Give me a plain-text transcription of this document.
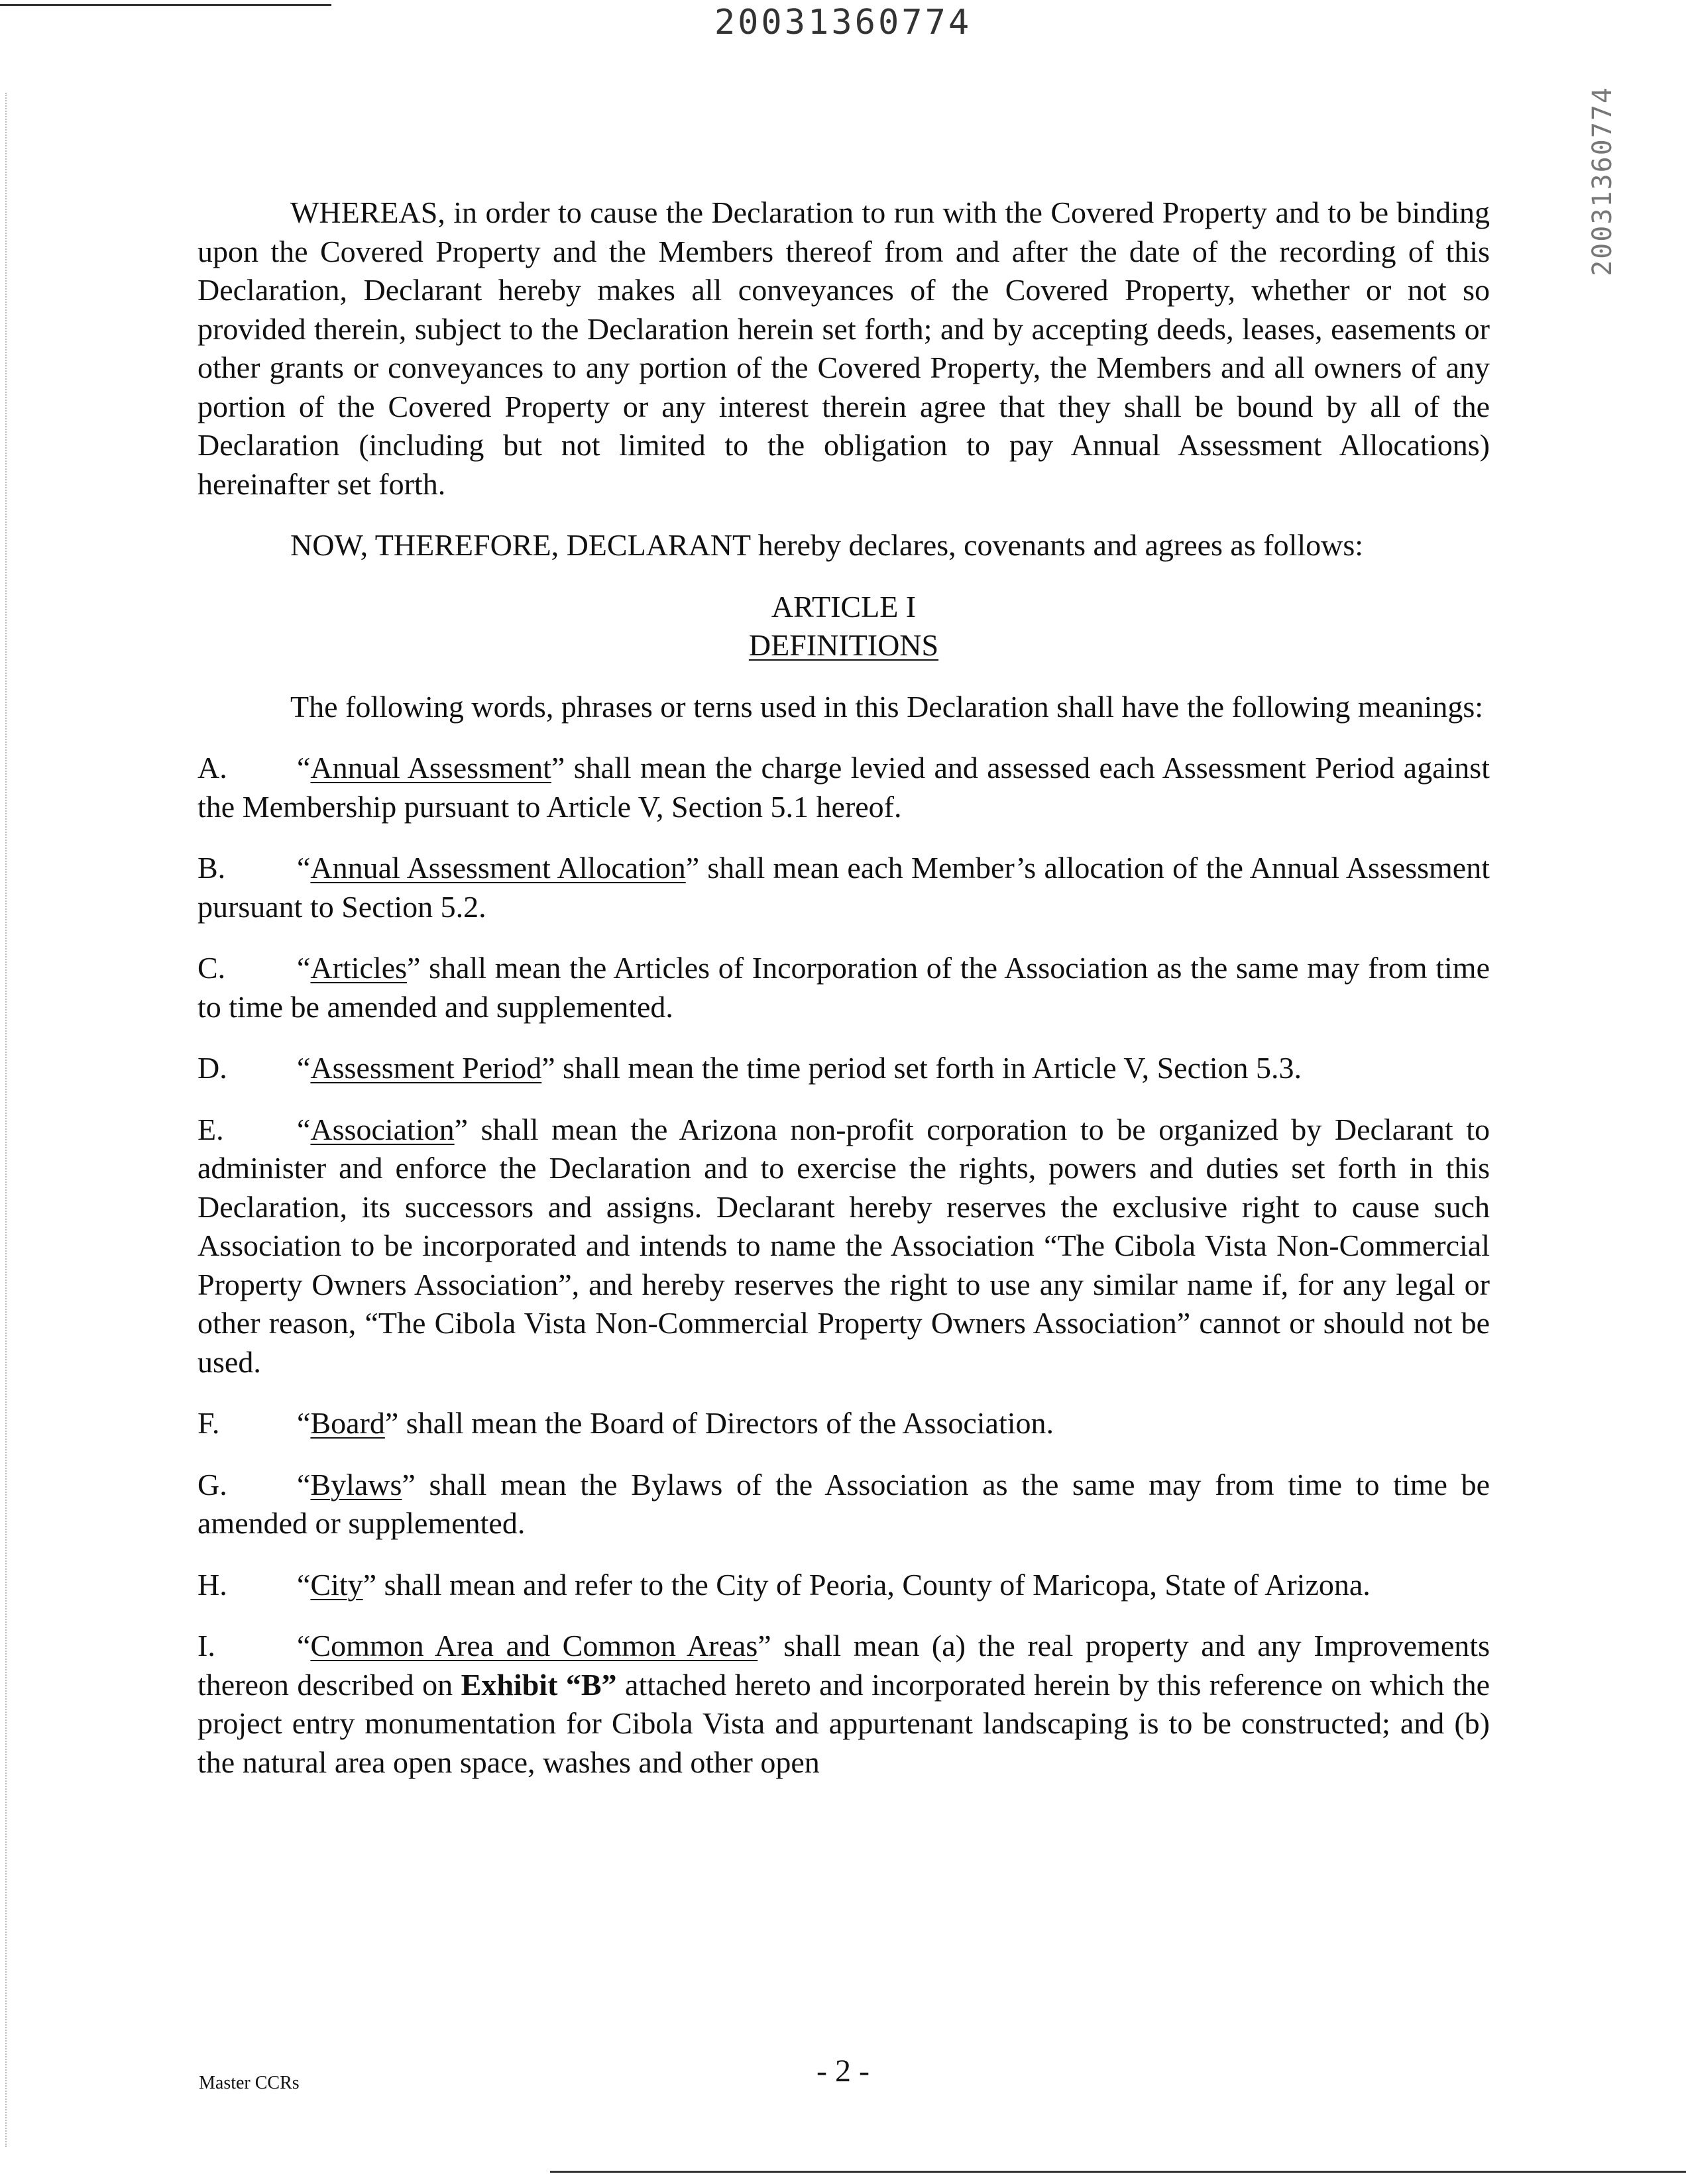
20031360774
20031360774

WHEREAS, in order to cause the Declaration to run with the Covered Property and to be binding upon the Covered Property and the Members thereof from and after the date of the recording of this Declaration, Declarant hereby makes all conveyances of the Covered Property, whether or not so provided therein, subject to the Declaration herein set forth; and by accepting deeds, leases, easements or other grants or conveyances to any portion of the Covered Property, the Members and all owners of any portion of the Covered Property or any interest therein agree that they shall be bound by all of the Declaration (including but not limited to the obligation to pay Annual Assessment Allocations) hereinafter set forth.

NOW, THEREFORE, DECLARANT hereby declares, covenants and agrees as follows:

ARTICLE I

DEFINITIONS

The following words, phrases or terns used in this Declaration shall have the following meanings:

A. “Annual Assessment” shall mean the charge levied and assessed each Assessment Period against the Membership pursuant to Article V, Section 5.1 hereof.

B. “Annual Assessment Allocation” shall mean each Member’s allocation of the Annual Assessment pursuant to Section 5.2.

C. “Articles” shall mean the Articles of Incorporation of the Association as the same may from time to time be amended and supplemented.

D. “Assessment Period” shall mean the time period set forth in Article V, Section 5.3.

E. “Association” shall mean the Arizona non-profit corporation to be organized by Declarant to administer and enforce the Declaration and to exercise the rights, powers and duties set forth in this Declaration, its successors and assigns. Declarant hereby reserves the exclusive right to cause such Association to be incorporated and intends to name the Association “The Cibola Vista Non-Commercial Property Owners Association”, and hereby reserves the right to use any similar name if, for any legal or other reason, “The Cibola Vista Non-Commercial Property Owners Association” cannot or should not be used.

F.	“Board” shall mean the Board of Directors of the Association.

G. “Bylaws” shall mean the Bylaws of the Association as the same may from time to time be amended or supplemented.

H. “City” shall mean and refer to the City of Peoria, County of Maricopa, State of Arizona.

I.	“Common Area and Common Areas” shall mean (a) the real property and any Improvements thereon described on Exhibit “B” attached hereto and incorporated herein by this reference on which the project entry monumentation for Cibola Vista and appurtenant landscaping is to be constructed; and (b) the natural area open space, washes and other open

Master CCRs	- 2 -
